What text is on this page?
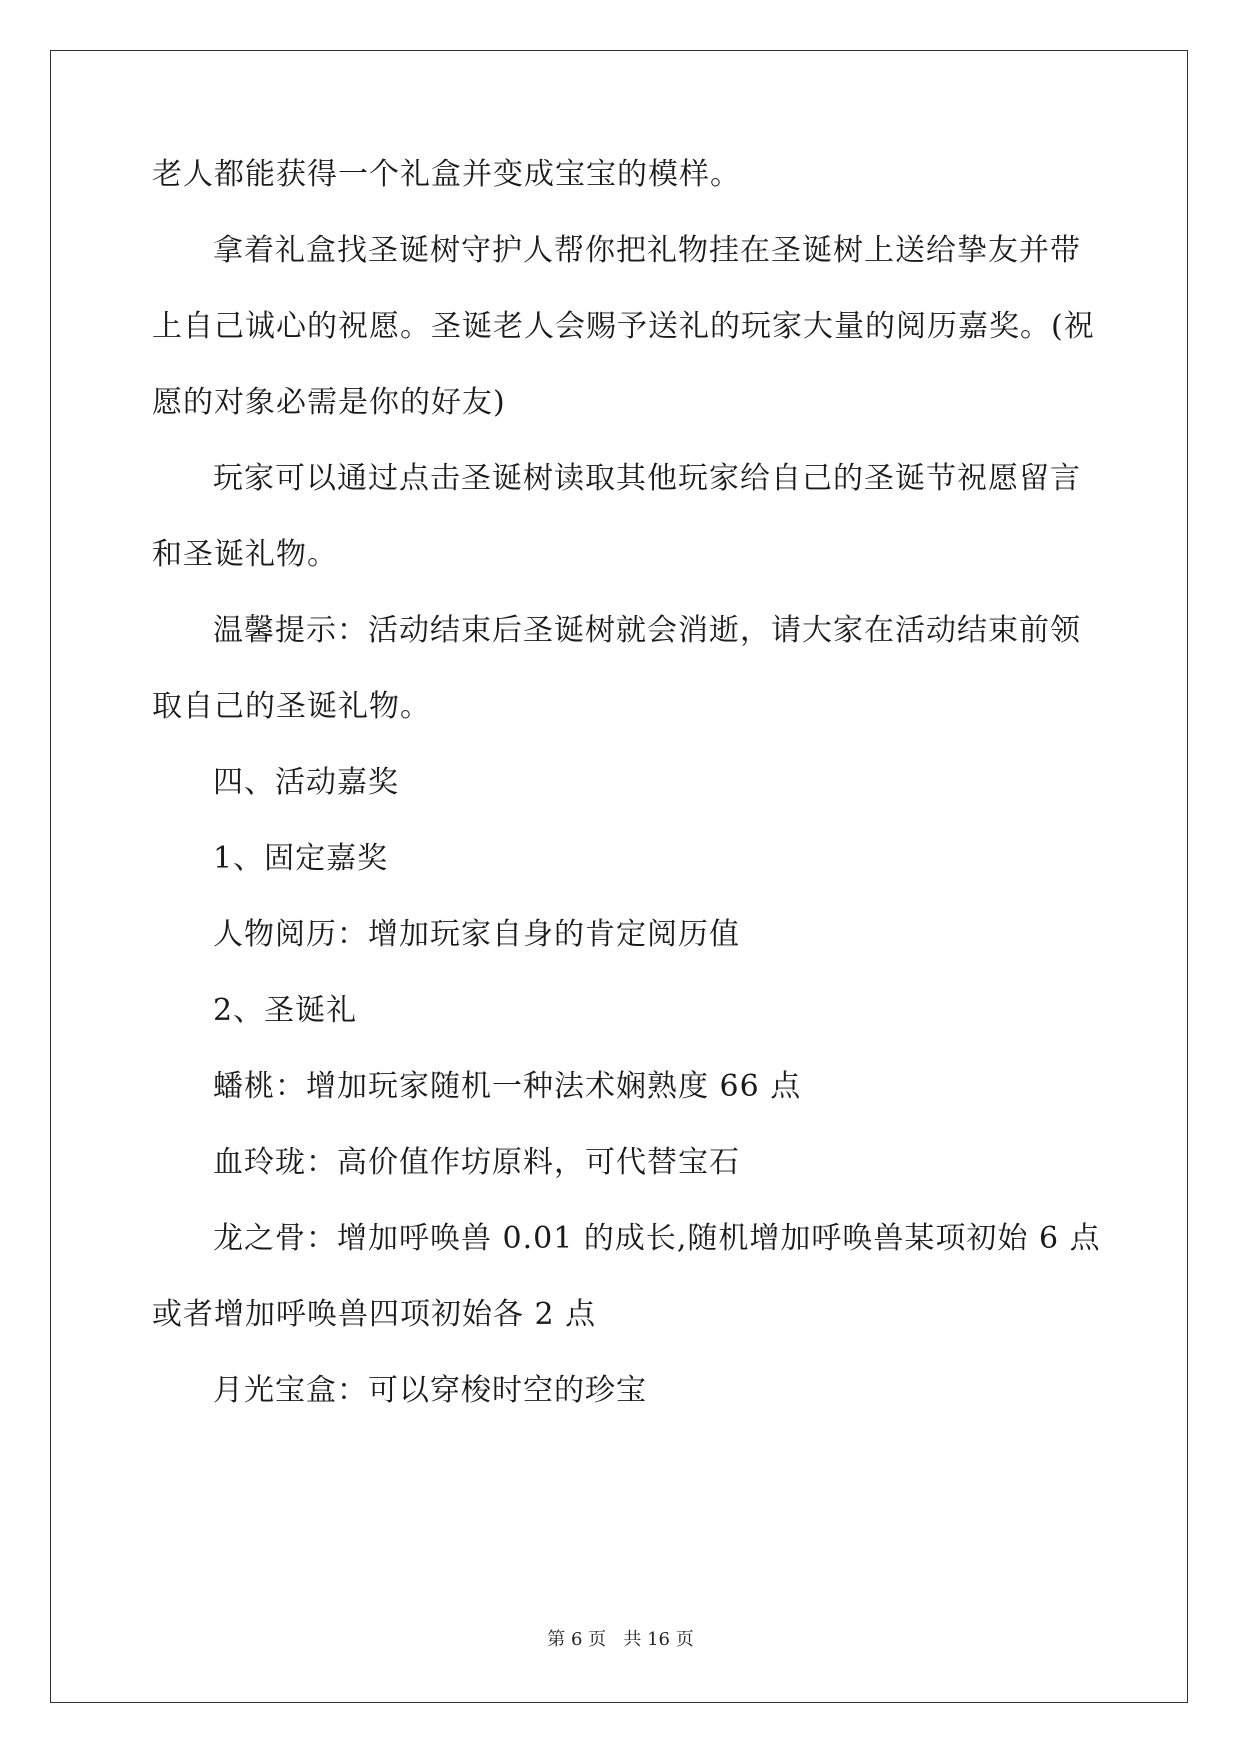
老人都能获得一个礼盒并变成宝宝的模样。
拿着礼盒找圣诞树守护人帮你把礼物挂在圣诞树上送给挚友并带
上自己诚心的祝愿。圣诞老人会赐予送礼的玩家大量的阅历嘉奖。(祝
愿的对象必需是你的好友)
玩家可以通过点击圣诞树读取其他玩家给自己的圣诞节祝愿留言
和圣诞礼物。
温馨提示：活动结束后圣诞树就会消逝，请大家在活动结束前领
取自己的圣诞礼物。
四、活动嘉奖
1、固定嘉奖
人物阅历：增加玩家自身的肯定阅历值
2、圣诞礼
蟠桃：增加玩家随机一种法术娴熟度 66 点
血玲珑：高价值作坊原料，可代替宝石
龙之骨：增加呼唤兽 0.01 的成长,随机增加呼唤兽某项初始 6 点
或者增加呼唤兽四项初始各 2 点
月光宝盒：可以穿梭时空的珍宝
第 6 页 共 16 页
